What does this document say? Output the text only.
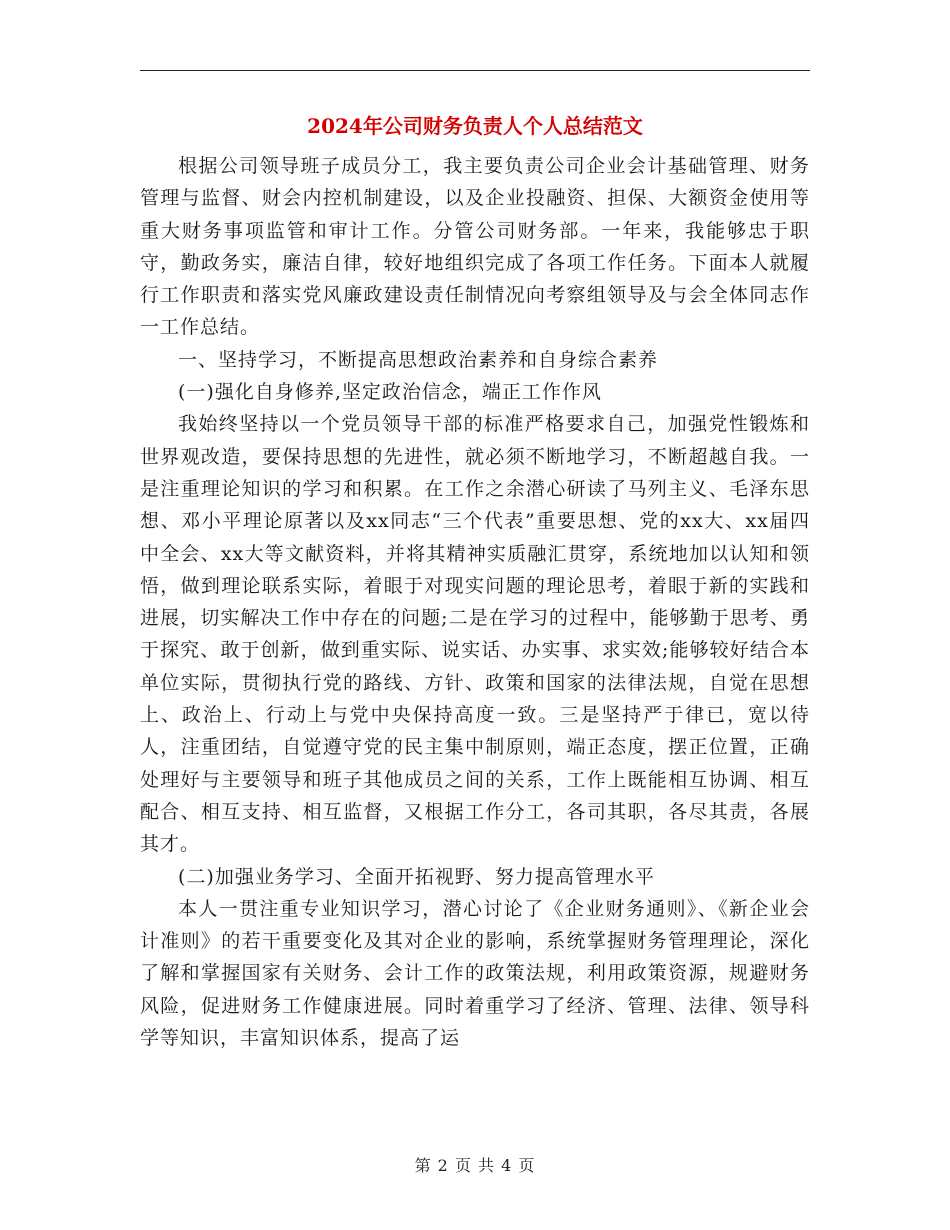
2024年公司财务负责人个人总结范文

根据公司领导班子成员分工，我主要负责公司企业会计基础管理、财务管理与监督、财会内控机制建设，以及企业投融资、担保、大额资金使用等重大财务事项监管和审计工作。分管公司财务部。一年来，我能够忠于职守，勤政务实，廉洁自律，较好地组织完成了各项工作任务。下面本人就履行工作职责和落实党风廉政建设责任制情况向考察组领导及与会全体同志作一工作总结。

一、坚持学习，不断提高思想政治素养和自身综合素养

(一)强化自身修养,坚定政治信念，端正工作作风

我始终坚持以一个党员领导干部的标准严格要求自己，加强党性锻炼和世界观改造，要保持思想的先进性，就必须不断地学习，不断超越自我。一是注重理论知识的学习和积累。在工作之余潜心研读了马列主义、毛泽东思想、邓小平理论原著以及xx同志“三个代表”重要思想、党的xx大、xx届四中全会、xx大等文献资料，并将其精神实质融汇贯穿，系统地加以认知和领悟，做到理论联系实际，着眼于对现实问题的理论思考，着眼于新的实践和进展，切实解决工作中存在的问题;二是在学习的过程中，能够勤于思考、勇于探究、敢于创新，做到重实际、说实话、办实事、求实效;能够较好结合本单位实际，贯彻执行党的路线、方针、政策和国家的法律法规，自觉在思想上、政治上、行动上与党中央保持高度一致。三是坚持严于律已，宽以待人，注重团结，自觉遵守党的民主集中制原则，端正态度，摆正位置，正确处理好与主要领导和班子其他成员之间的关系，工作上既能相互协调、相互配合、相互支持、相互监督，又根据工作分工，各司其职，各尽其责，各展其才。

(二)加强业务学习、全面开拓视野、努力提高管理水平

本人一贯注重专业知识学习，潜心讨论了《企业财务通则》、《新企业会计准则》的若干重要变化及其对企业的影响，系统掌握财务管理理论，深化了解和掌握国家有关财务、会计工作的政策法规，利用政策资源，规避财务风险，促进财务工作健康进展。同时着重学习了经济、管理、法律、领导科学等知识，丰富知识体系，提高了运

第 2 页 共 4 页
